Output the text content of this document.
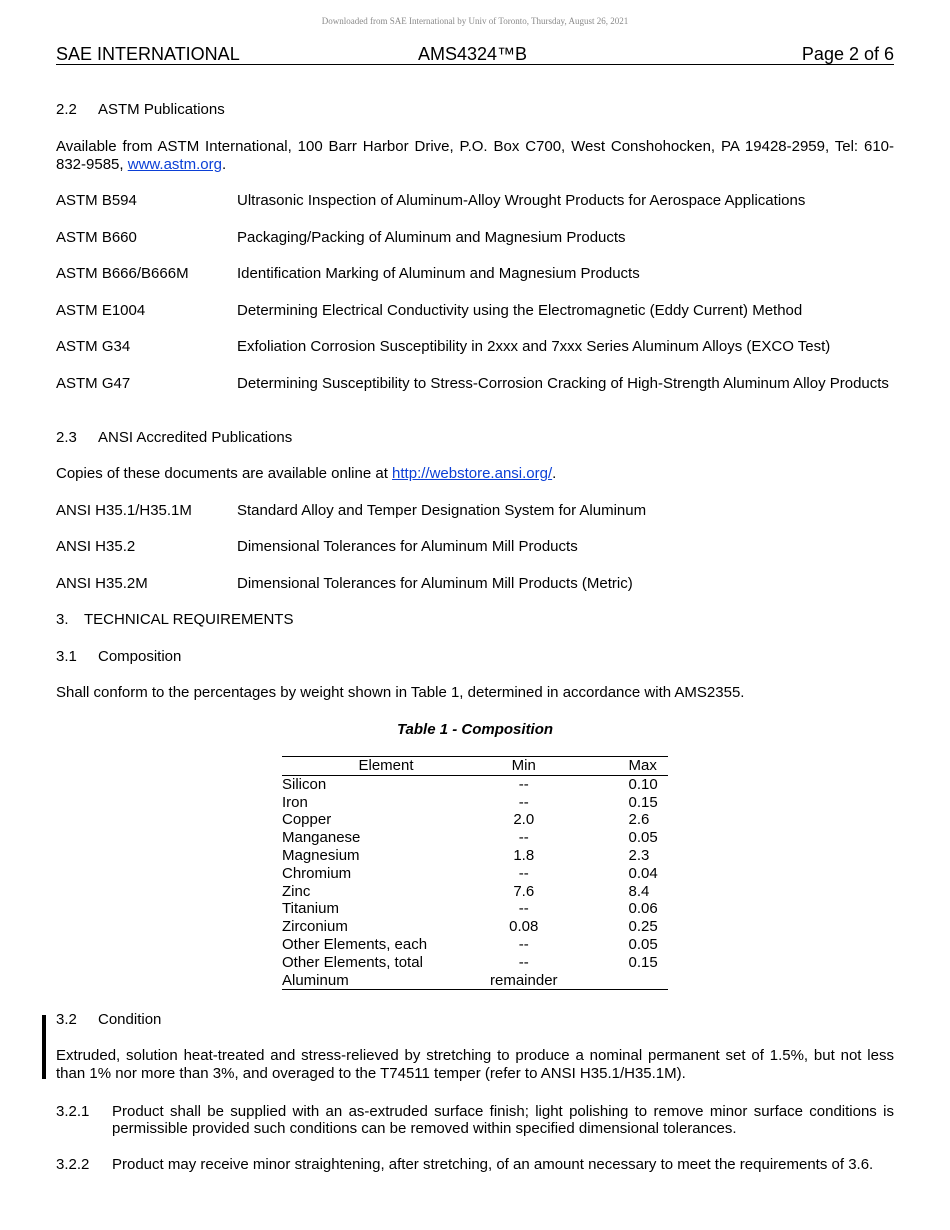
Downloaded from SAE International by Univ of Toronto, Thursday, August 26, 2021
SAE INTERNATIONAL	AMS4324™B	Page 2 of 6
2.2 ASTM Publications
Available from ASTM International, 100 Barr Harbor Drive, P.O. Box C700, West Conshohocken, PA 19428-2959, Tel: 610-832-9585, www.astm.org.
ASTM B594	Ultrasonic Inspection of Aluminum-Alloy Wrought Products for Aerospace Applications
ASTM B660	Packaging/Packing of Aluminum and Magnesium Products
ASTM B666/B666M	Identification Marking of Aluminum and Magnesium Products
ASTM E1004	Determining Electrical Conductivity using the Electromagnetic (Eddy Current) Method
ASTM G34	Exfoliation Corrosion Susceptibility in 2xxx and 7xxx Series Aluminum Alloys (EXCO Test)
ASTM G47	Determining Susceptibility to Stress-Corrosion Cracking of High-Strength Aluminum Alloy Products
2.3 ANSI Accredited Publications
Copies of these documents are available online at http://webstore.ansi.org/.
ANSI H35.1/H35.1M	Standard Alloy and Temper Designation System for Aluminum
ANSI H35.2	Dimensional Tolerances for Aluminum Mill Products
ANSI H35.2M	Dimensional Tolerances for Aluminum Mill Products (Metric)
3. TECHNICAL REQUIREMENTS
3.1 Composition
Shall conform to the percentages by weight shown in Table 1, determined in accordance with AMS2355.
Table 1 - Composition
Element	Min	Max
Silicon	--	0.10
Iron	--	0.15
Copper	2.0	2.6
Manganese	--	0.05
Magnesium	1.8	2.3
Chromium	--	0.04
Zinc	7.6	8.4
Titanium	--	0.06
Zirconium	0.08	0.25
Other Elements, each	--	0.05
Other Elements, total	--	0.15
Aluminum	remainder	
3.2 Condition
Extruded, solution heat-treated and stress-relieved by stretching to produce a nominal permanent set of 1.5%, but not less than 1% nor more than 3%, and overaged to the T74511 temper (refer to ANSI H35.1/H35.1M).
3.2.1 Product shall be supplied with an as-extruded surface finish; light polishing to remove minor surface conditions is permissible provided such conditions can be removed within specified dimensional tolerances.
3.2.2 Product may receive minor straightening, after stretching, of an amount necessary to meet the requirements of 3.6.
